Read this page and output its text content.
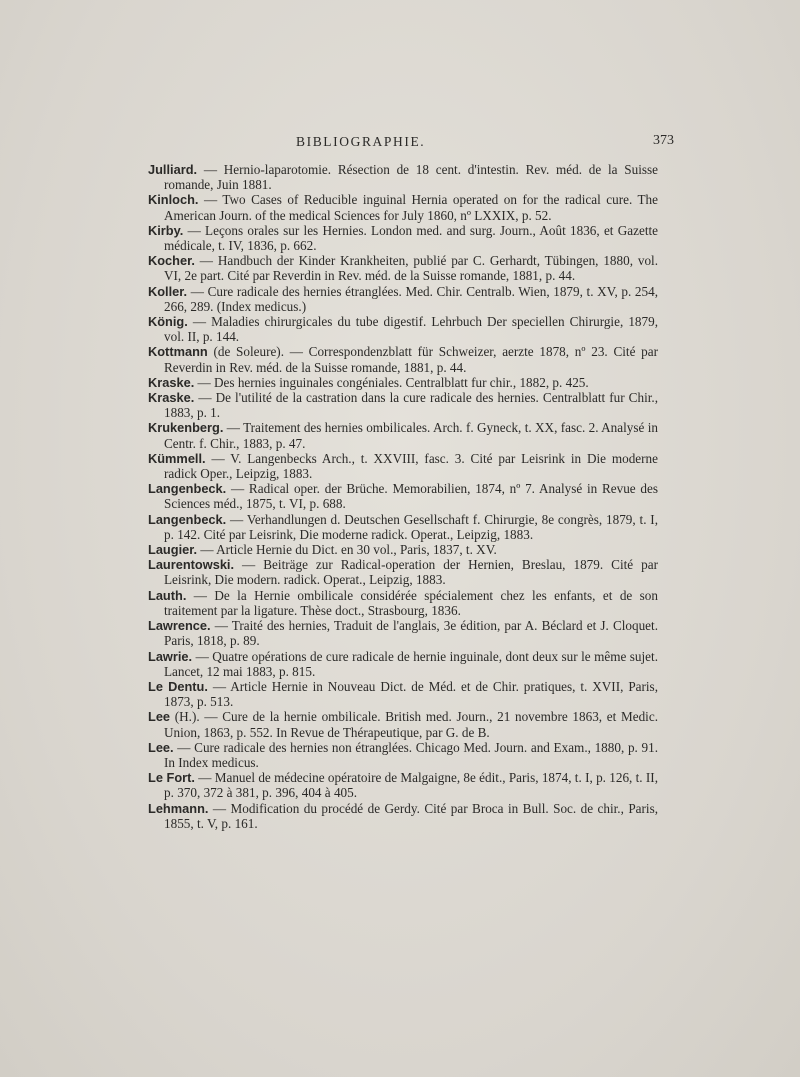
BIBLIOGRAPHIE.	373

Julliard. — Hernio-laparotomie. Résection de 18 cent. d'intestin. Rev. méd. de la Suisse romande, Juin 1881.

Kinloch. — Two Cases of Reducible inguinal Hernia operated on for the radical cure. The American Journ. of the medical Sciences for July 1860, nº LXXIX, p. 52.

Kirby. — Leçons orales sur les Hernies. London med. and surg. Journ., Août 1836, et Gazette médicale, t. IV, 1836, p. 662.

Kocher. — Handbuch der Kinder Krankheiten, publié par C. Gerhardt, Tübingen, 1880, vol. VI, 2e part. Cité par Reverdin in Rev. méd. de la Suisse romande, 1881, p. 44.

Koller. — Cure radicale des hernies étranglées. Med. Chir. Centralb. Wien, 1879, t. XV, p. 254, 266, 289. (Index medicus.)

König. — Maladies chirurgicales du tube digestif. Lehrbuch Der speciellen Chirurgie, 1879, vol. II, p. 144.

Kottmann (de Soleure). — Correspondenzblatt für Schweizer, aerzte 1878, nº 23. Cité par Reverdin in Rev. méd. de la Suisse romande, 1881, p. 44.

Kraske. — Des hernies inguinales congéniales. Centralblatt fur chir., 1882, p. 425.

Kraske. — De l'utilité de la castration dans la cure radicale des hernies. Centralblatt fur Chir., 1883, p. 1.

Krukenberg. — Traitement des hernies ombilicales. Arch. f. Gyneck, t. XX, fasc. 2. Analysé in Centr. f. Chir., 1883, p. 47.

Kümmell. — V. Langenbecks Arch., t. XXVIII, fasc. 3. Cité par Leisrink in Die moderne radick Oper., Leipzig, 1883.

Langenbeck. — Radical oper. der Brüche. Memorabilien, 1874, nº 7. Analysé in Revue des Sciences méd., 1875, t. VI, p. 688.

Langenbeck. — Verhandlungen d. Deutschen Gesellschaft f. Chirurgie, 8e congrès, 1879, t. I, p. 142. Cité par Leisrink, Die moderne radick. Operat., Leipzig, 1883.

Laugier. — Article Hernie du Dict. en 30 vol., Paris, 1837, t. XV.

Laurentowski. — Beiträge zur Radical-operation der Hernien, Breslau, 1879. Cité par Leisrink, Die modern. radick. Operat., Leipzig, 1883.

Lauth. — De la Hernie ombilicale considérée spécialement chez les enfants, et de son traitement par la ligature. Thèse doct., Strasbourg, 1836.

Lawrence. — Traité des hernies, Traduit de l'anglais, 3e édition, par A. Béclard et J. Cloquet. Paris, 1818, p. 89.

Lawrie. — Quatre opérations de cure radicale de hernie inguinale, dont deux sur le même sujet. Lancet, 12 mai 1883, p. 815.

Le Dentu. — Article Hernie in Nouveau Dict. de Méd. et de Chir. pratiques, t. XVII, Paris, 1873, p. 513.

Lee (H.). — Cure de la hernie ombilicale. British med. Journ., 21 novembre 1863, et Medic. Union, 1863, p. 552. In Revue de Thérapeutique, par G. de B.

Lee. — Cure radicale des hernies non étranglées. Chicago Med. Journ. and Exam., 1880, p. 91. In Index medicus.

Le Fort. — Manuel de médecine opératoire de Malgaigne, 8e édit., Paris, 1874, t. I, p. 126, t. II, p. 370, 372 à 381, p. 396, 404 à 405.

Lehmann. — Modification du procédé de Gerdy. Cité par Broca in Bull. Soc. de chir., Paris, 1855, t. V, p. 161.
